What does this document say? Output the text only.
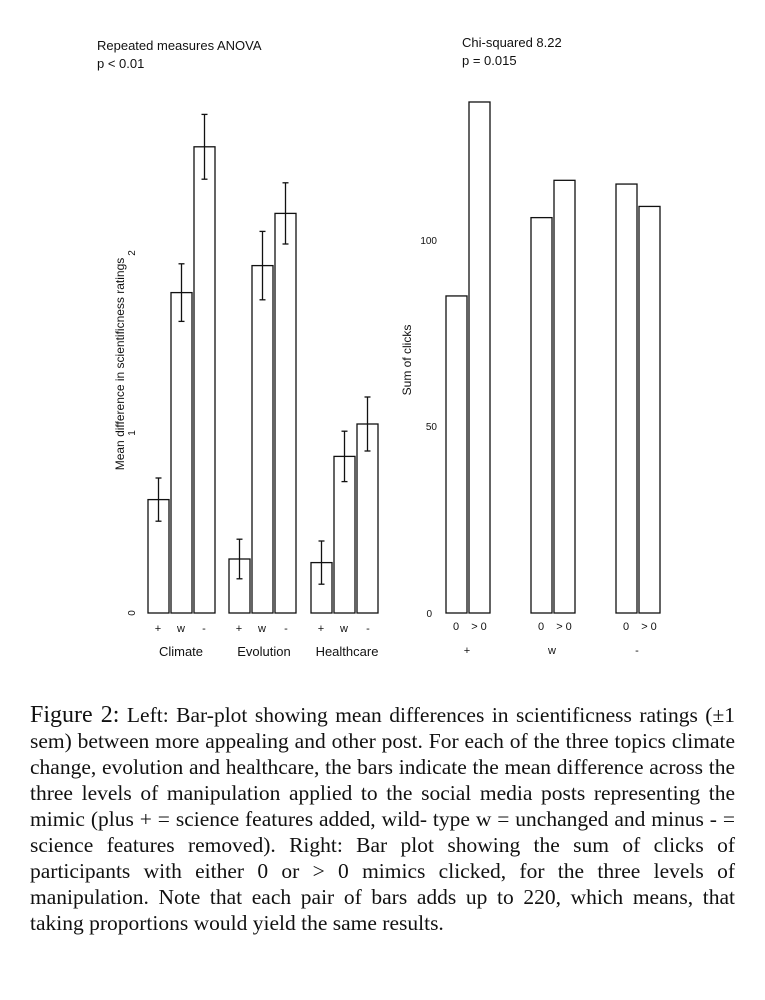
Repeated measures ANOVA
p < 0.01
Mean difference in scientificness ratings
0
1
2
+ w -	+ w -	+ w -
Climate	Evolution Healthcare
Chi-squared 8.22
p = 0.015
Sum of clicks
0
50
100
0 > 0	0 > 0	0 > 0
+	w	-

Figure 2: Left: Bar-plot showing mean differences in scientificness ratings (±1 sem) between more appealing and other post. For each of the three topics climate change, evolution and healthcare, the bars indicate the mean difference across the three levels of manipulation applied to the social media posts representing the mimic (plus + = science features added, wild- type w = unchanged and minus - = science features removed). Right: Bar plot showing the sum of clicks of participants with either 0 or > 0 mimics clicked, for the three levels of manipulation. Note that each pair of bars adds up to 220, which means, that taking proportions would yield the same results.
